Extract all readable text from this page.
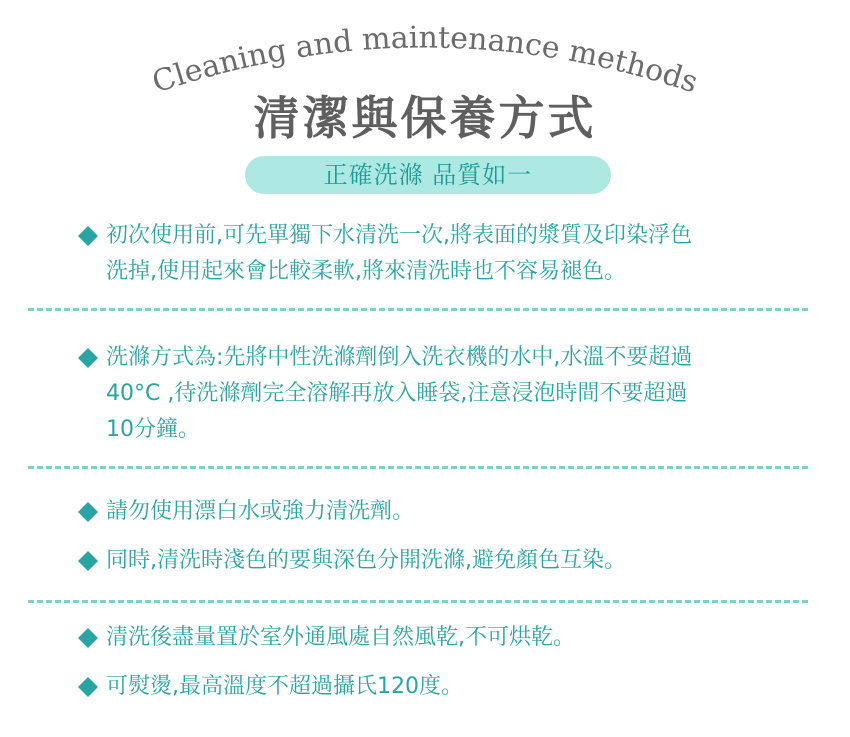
Cleaning and maintenance methods
清潔與保養方式
正確洗滌 品質如一
初次使用前,可先單獨下水清洗一次,將表面的漿質及印染浮色
洗掉,使用起來會比較柔軟,將來清洗時也不容易褪色。
洗滌方式為:先將中性洗滌劑倒入洗衣機的水中,水溫不要超過
40°C ,待洗滌劑完全溶解再放入睡袋,注意浸泡時間不要超過
10分鐘。
請勿使用漂白水或強力清洗劑。
同時,清洗時淺色的要與深色分開洗滌,避免顏色互染。
清洗後盡量置於室外通風處自然風乾,不可烘乾。
可熨燙,最高溫度不超過攝氏120度。
